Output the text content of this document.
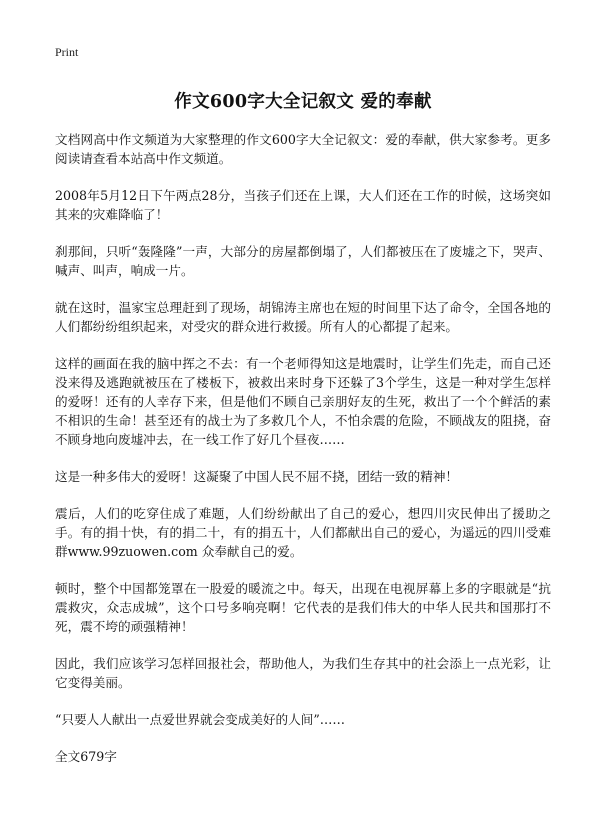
Print

作文600字大全记叙文 爱的奉献

文档网高中作文频道为大家整理的作文600字大全记叙文：爱的奉献，供大家参考。更多阅读请查看本站高中作文频道。

2008年5月12日下午两点28分，当孩子们还在上课，大人们还在工作的时候，这场突如其来的灾难降临了！

刹那间，只听“轰隆隆”一声，大部分的房屋都倒塌了，人们都被压在了废墟之下，哭声、喊声、叫声，响成一片。

就在这时，温家宝总理赶到了现场，胡锦涛主席也在短的时间里下达了命令，全国各地的人们都纷纷组织起来，对受灾的群众进行救援。所有人的心都提了起来。

这样的画面在我的脑中挥之不去：有一个老师得知这是地震时，让学生们先走，而自己还没来得及逃跑就被压在了楼板下，被救出来时身下还躲了3个学生，这是一种对学生怎样的爱呀！还有的人幸存下来，但是他们不顾自己亲朋好友的生死，救出了一个个鲜活的素不相识的生命！甚至还有的战士为了多救几个人，不怕余震的危险，不顾战友的阻挠，奋不顾身地向废墟冲去，在一线工作了好几个昼夜……

这是一种多伟大的爱呀！这凝聚了中国人民不屈不挠，团结一致的精神！

震后，人们的吃穿住成了难题，人们纷纷献出了自己的爱心，想四川灾民伸出了援助之手。有的捐十快，有的捐二十，有的捐五十，人们都献出自己的爱心，为遥远的四川受难群www.99zuowen.com 众奉献自己的爱。

顿时，整个中国都笼罩在一股爱的暖流之中。每天，出现在电视屏幕上多的字眼就是“抗震救灾，众志成城”，这个口号多响亮啊！它代表的是我们伟大的中华人民共和国那打不死，震不垮的顽强精神！

因此，我们应该学习怎样回报社会，帮助他人，为我们生存其中的社会添上一点光彩，让它变得美丽。

“只要人人献出一点爱世界就会变成美好的人间”……

全文679字
